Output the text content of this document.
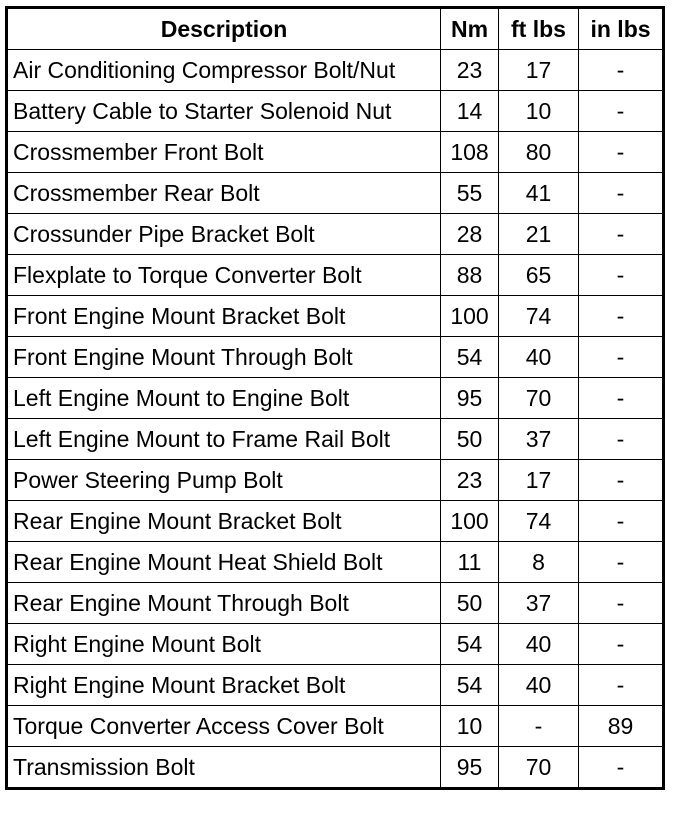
Description	Nm	ft lbs	in lbs
Air Conditioning Compressor Bolt/Nut	23	17	-
Battery Cable to Starter Solenoid Nut	14	10	-
Crossmember Front Bolt	108	80	-
Crossmember Rear Bolt	55	41	-
Crossunder Pipe Bracket Bolt	28	21	-
Flexplate to Torque Converter Bolt	88	65	-
Front Engine Mount Bracket Bolt	100	74	-
Front Engine Mount Through Bolt	54	40	-
Left Engine Mount to Engine Bolt	95	70	-
Left Engine Mount to Frame Rail Bolt	50	37	-
Power Steering Pump Bolt	23	17	-
Rear Engine Mount Bracket Bolt	100	74	-
Rear Engine Mount Heat Shield Bolt	11	8	-
Rear Engine Mount Through Bolt	50	37	-
Right Engine Mount Bolt	54	40	-
Right Engine Mount Bracket Bolt	54	40	-
Torque Converter Access Cover Bolt	10	-	89
Transmission Bolt	95	70	-
